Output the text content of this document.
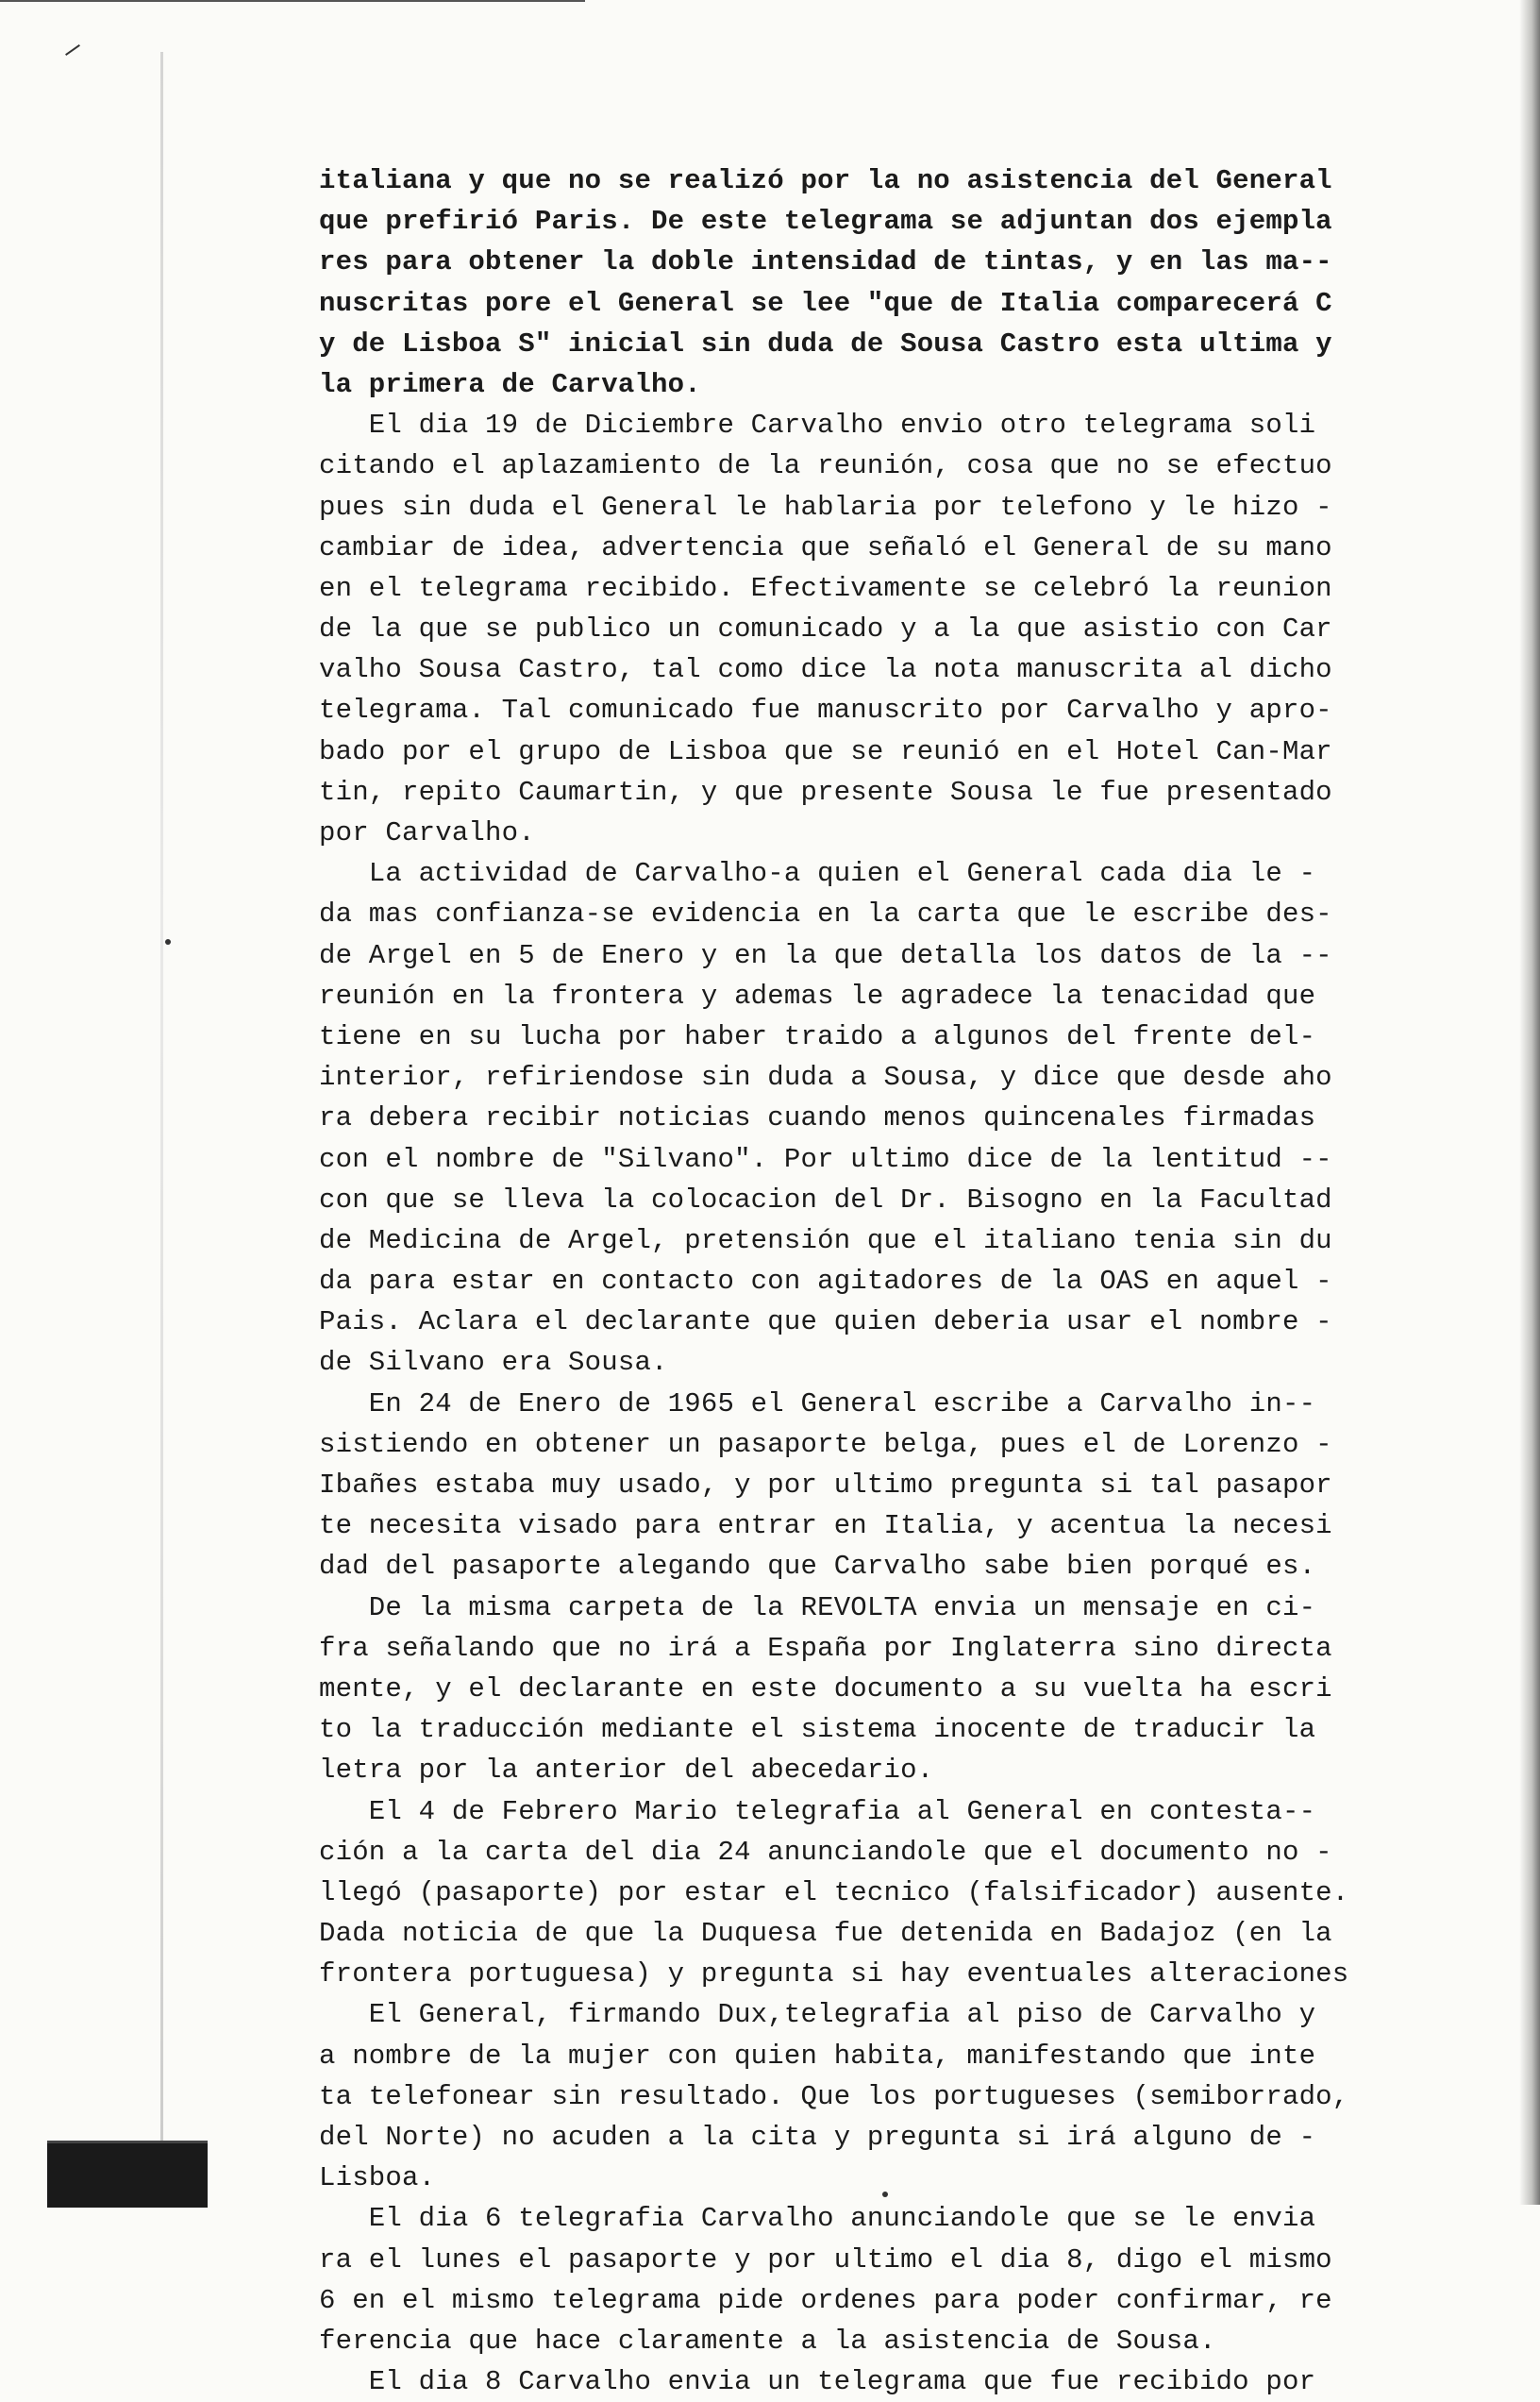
italiana y que no se realizó por la no asistencia del General
que prefirió Paris. De este telegrama se adjuntan dos ejempla
res para obtener la doble intensidad de tintas, y en las ma--
nuscritas pore el General se lee "que de Italia comparecerá C
y de Lisboa S" inicial sin duda de Sousa Castro esta ultima y
la primera de Carvalho.
El dia 19 de Diciembre Carvalho envio otro telegrama soli
citando el aplazamiento de la reunión, cosa que no se efectuo
pues sin duda el General le hablaria por telefono y le hizo -
cambiar de idea, advertencia que señaló el General de su mano
en el telegrama recibido. Efectivamente se celebró la reunion
de la que se publico un comunicado y a la que asistio con Car
valho Sousa Castro, tal como dice la nota manuscrita al dicho
telegrama. Tal comunicado fue manuscrito por Carvalho y apro-
bado por el grupo de Lisboa que se reunió en el Hotel Can-Mar
tin, repito Caumartin, y que presente Sousa le fue presentado
por Carvalho.
La actividad de Carvalho-a quien el General cada dia le -
da mas confianza-se evidencia en la carta que le escribe des-
de Argel en 5 de Enero y en la que detalla los datos de la --
reunión en la frontera y ademas le agradece la tenacidad que
tiene en su lucha por haber traido a algunos del frente del-
interior, refiriendose sin duda a Sousa, y dice que desde aho
ra debera recibir noticias cuando menos quincenales firmadas
con el nombre de "Silvano". Por ultimo dice de la lentitud --
con que se lleva la colocacion del Dr. Bisogno en la Facultad
de Medicina de Argel, pretensión que el italiano tenia sin du
da para estar en contacto con agitadores de la OAS en aquel -
Pais. Aclara el declarante que quien deberia usar el nombre -
de Silvano era Sousa.
En 24 de Enero de 1965 el General escribe a Carvalho in--
sistiendo en obtener un pasaporte belga, pues el de Lorenzo -
Ibañes estaba muy usado, y por ultimo pregunta si tal pasapor
te necesita visado para entrar en Italia, y acentua la necesi
dad del pasaporte alegando que Carvalho sabe bien porqué es.
De la misma carpeta de la REVOLTA envia un mensaje en ci-
fra señalando que no irá a España por Inglaterra sino directa
mente, y el declarante en este documento a su vuelta ha escri
to la traducción mediante el sistema inocente de traducir la
letra por la anterior del abecedario.
El 4 de Febrero Mario telegrafia al General en contesta--
ción a la carta del dia 24 anunciandole que el documento no -
llegó (pasaporte) por estar el tecnico (falsificador) ausente.
Dada noticia de que la Duquesa fue detenida en Badajoz (en la
frontera portuguesa) y pregunta si hay eventuales alteraciones
El General, firmando Dux,telegrafia al piso de Carvalho y
a nombre de la mujer con quien habita, manifestando que inte
ta telefonear sin resultado. Que los portugueses (semiborrado,
del Norte) no acuden a la cita y pregunta si irá alguno de -
Lisboa.
El dia 6 telegrafia Carvalho anunciandole que se le envia
ra el lunes el pasaporte y por ultimo el dia 8, digo el mismo
6 en el mismo telegrama pide ordenes para poder confirmar, re
ferencia que hace claramente a la asistencia de Sousa.
El dia 8 Carvalho envia un telegrama que fue recibido por
